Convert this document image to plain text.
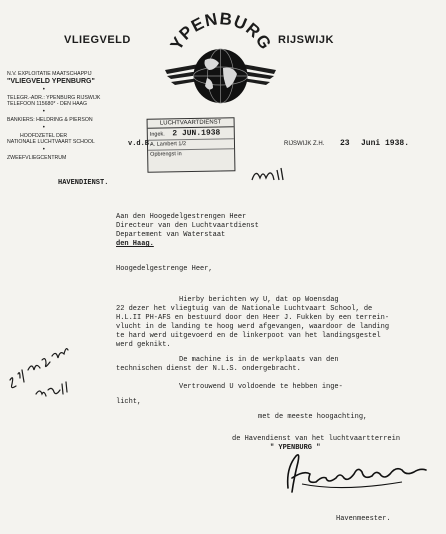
VLIEGVELD	RIJSWIJK
YPENBURG
N.V. EXPLOITATIE MAATSCHAPPIJ
"VLIEGVELD YPENBURG"
•
TELEGR.-ADR.: YPENBURG RIJSWIJK
TELEFOON 115680* - DEN HAAG
•
BANKIERS: HELDRING & PIERSON
•
HOOFDZETEL DER
NATIONALE LUCHTVAART SCHOOL
•
ZWEEFVLIEGCENTRUM
LUCHTVAARTDIENST
Ingek. 2 JUN.1938
A. Lambert 1/2
Opbrengst in
v.d.B.	RIJSWIJK Z.H. 23 Juni 1938.
HAVENDIENST.
Aan den Hoogedelgestrengen Heer
Directeur van den Luchtvaartdienst
Departement van Waterstaat
den Haag.
Hoogedelgestrenge Heer,
Hierby berichten wy U, dat op Woensdag
22 dezer het vliegtuig van de Nationale Luchtvaart School, de
H.L.II PH-AFS en bestuurd door den Heer J. Fukken by een terrein-
vlucht in de landing te hoog werd afgevangen, waardoor de landing
te hard werd uitgevoerd en de linkerpoot van het landingsgestel
werd geknikt.
De machine is in de werkplaats van den
technischen dienst der N.L.S. ondergebracht.
Vertrouwend U voldoende te hebben inge-
licht,
met de meeste hoogachting,
de Havendienst van het luchtvaartterrein
" YPENBURG "
Havenmeester.
